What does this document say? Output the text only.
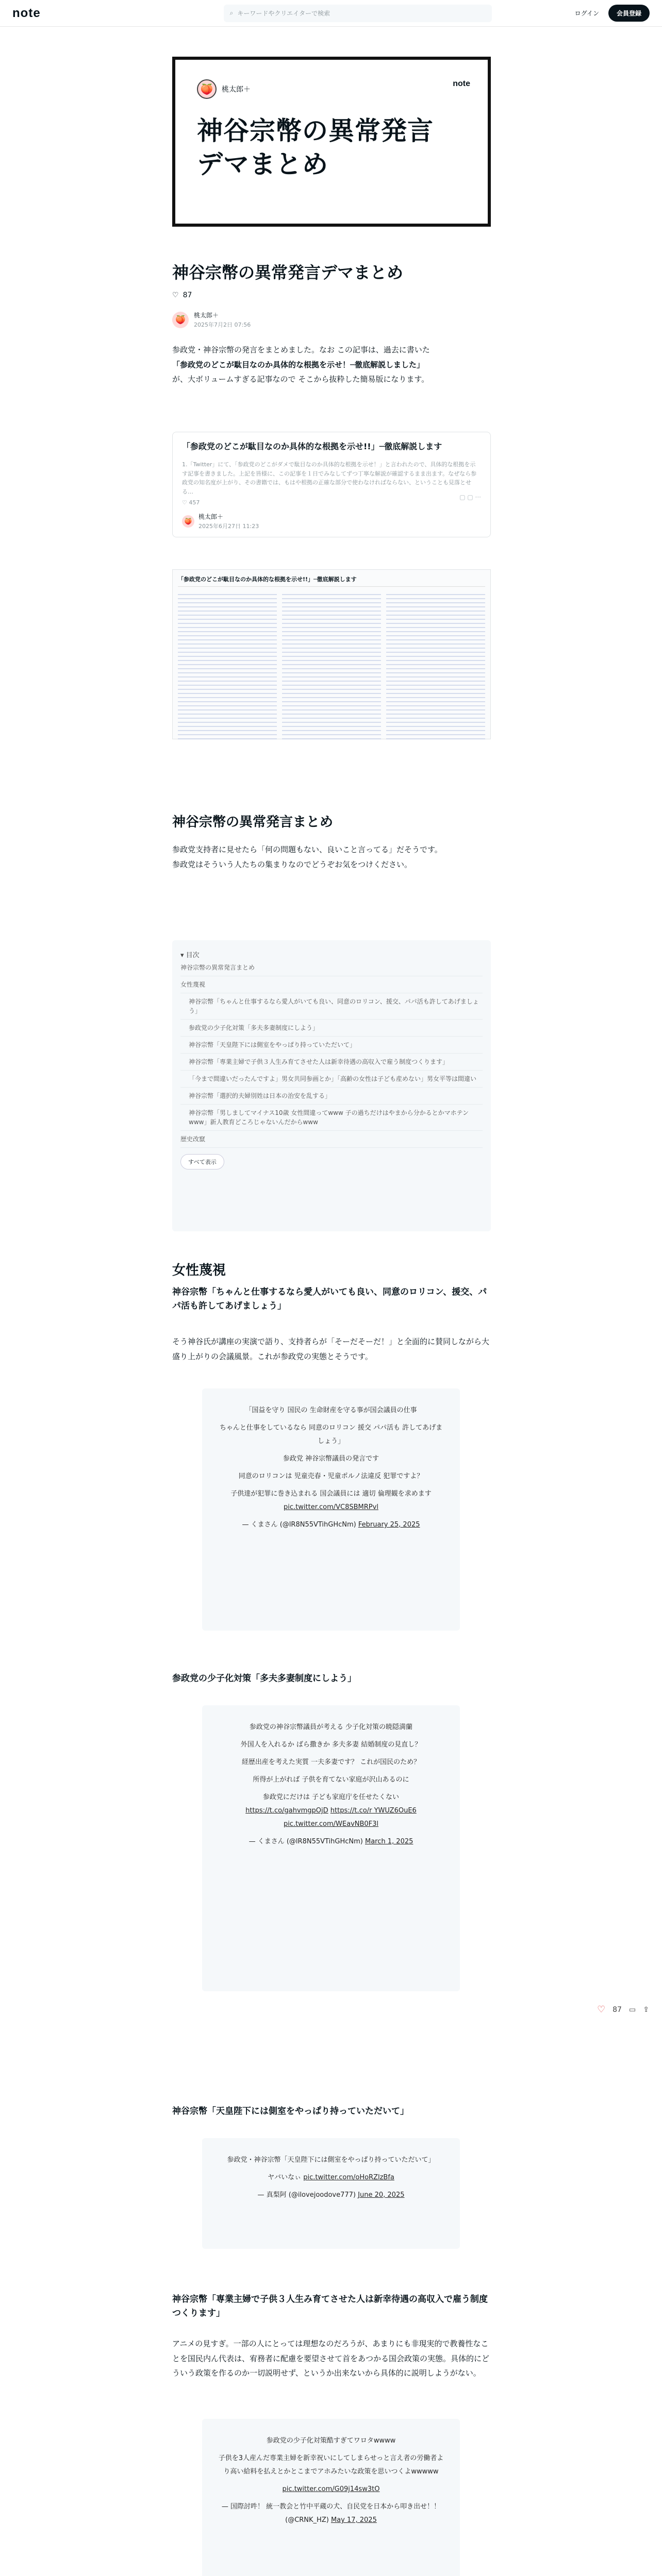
note	⌕ キーワードやクリエイターで検索	ログイン	会員登録
🍑	桃太郎＋
note
神谷宗幣の異常発言
デマまとめ
神谷宗幣の異常発言デマまとめ
♡ 87
🍑	桃太郎＋
2025年7月2日 07:56

参政党・神谷宗幣の発言をまとめました。なお この記事は、過去に書いた

「参政党のどこが駄目なのか具体的な根拠を示せ！─徹底解説しました」

が、大ボリュームすぎる記事なので そこから抜粋した簡易版になります。

「参政党のどこが駄目なのか具体的な根拠を示せ!!」─徹底解説します
1.「Twitter」にて、「参政党のどこがダメで駄目なのか具体的な根拠を示せ！」と言われたので、具体的な根拠を示す記事を書きました。上記を皆様に、この記事を１日でみなしてずつ丁寧な解説が確認するまま出ます。なぜなら参政党の知名度が上がり、その書籍では、もはや根拠の正確な部分で使わなければならない、ということも見落とせる…
♡ 457
🍑
桃太郎＋
2025年6月27日 11:23
▢ ▢ ···
「参政党のどこが駄目なのか具体的な根拠を示せ!!」─徹底解説します
神谷宗幣の異常発言まとめ

参政党支持者に見せたら「何の問題もない、良いこと言ってる」だそうです。

参政党はそういう人たちの集まりなのでどうぞお気をつけください。

▾ 目次
神谷宗幣の異常発言まとめ
女性蔑視
神谷宗幣「ちゃんと仕事するなら愛人がいても良い、同意のロリコン、援交、パパ活も許してあげましょう」
参政党の少子化対策「多夫多妻制度にしよう」
神谷宗幣「天皇陛下には側室をやっぱり持っていただいて」
神谷宗幣「専業主婦で子供３人生み育てさせた人は新幸待遇の高収入で雇う制度つくります」
「今まで間違いだったんですよ」男女共同参画とか」「高齢の女性は子ども産めない」男女平等は間違い
神谷宗幣「選択的夫婦別姓は日本の治安を乱する」
神谷宗幣「男しましてマイナス10歳 女性間違ってwww 子の過ちだけはやまから分かるとかマホテンwww」新人教育どころじゃないんだからwww
歴史改竄
すべて表示
女性蔑視
神谷宗幣「ちゃんと仕事するなら愛人がいても良い、同意のロリコン、援交、パパ活も許してあげましょう」

そう神谷氏が講座の実演で語り、支持者らが「そーだそーだ！」と全面的に賛同しながら大盛り上がりの会議風景。これが参政党の実態とそうです。

「国益を守り 国民の 生命財産を守る事が国会議員の仕事

ちゃんと仕事をしているなら 同意のロリコン 援交 パパ活も 許してあげましょう」

参政党 神谷宗幣議員の発言です

同意のロリコンは 児童売春・児童ポルノ法違反 犯罪ですよ？

子供達が犯罪に巻き込まれる 国会議員には 適切 倫理観を求めます pic.twitter.com/VC8SBMRPvl

— くまさん (@lR8N55VTihGHcNm) February 25, 2025

参政党の少子化対策「多夫多妻制度にしよう」

参政党の神谷宗幣議員が考える 少子化対策の暁隠満蘭

外国人を入れるか ばら撒きか 多夫多妻 結婚制度の見直し？

経歴出産を考えた実質 一夫多妻です？ これが国民のため？

所得が上がれば 子供を育てない家庭が沢山あるのに

参政党にだけは 子ども家庭庁を任せたくない
https://t.co/gahvmgpOjD https://t.co/r YWUZ6OuE6
pic.twitter.com/WEavNB0F3l

— くまさん (@lR8N55VTihGHcNm) March 1, 2025

神谷宗幣「天皇陛下には側室をやっぱり持っていただいて」

参政党・神谷宗幣「天皇陛下には側室をやっぱり持っていただいて」

ヤバいなぃ pic.twitter.com/oHoRZlzBfa

— 真梨阿 (@ilovejoodove777) June 20, 2025

神谷宗幣「専業主婦で子供３人生み育てさせた人は新幸待遇の高収入で雇う制度つくります」

アニメの見すぎ。一部の人にとっては理想なのだろうが、あまりにも非現実的で教養性なことを国民内ん代表は、宥務者に配慮を要望させて首をあつかる国会政策の実態。具体的にどういう政策を作るのか一切説明せず、というか出来ないから具体的に説明しようがない。

参政党の少子化対策酷すぎてワロタwwww

子供を3人産んだ専業主婦を新幸祝いにしてしまらせっと言え者の労働者より高い給料を払えとかとこまでアホみたいな政策を思いつくよwwwww

pic.twitter.com/G09j14sw3tO

— 国際討吽！ 統一教会と竹中平蔵の犬、自民党を日本から叩き出せ！！ (@CRNK_HZ) May 17, 2025

♡ 87 ▭ ⇪
